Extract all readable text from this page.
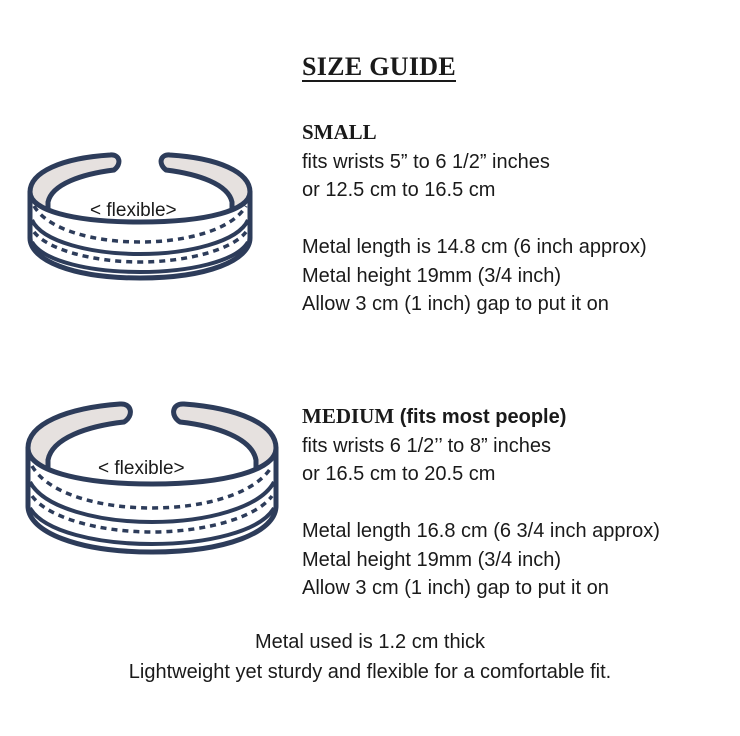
SIZE GUIDE
< flexible>
SMALL
fits wrists 5” to 6 1/2” inches
or 12.5 cm to 16.5 cm
Metal length is 14.8 cm (6 inch approx)
Metal height 19mm (3/4 inch)
Allow 3 cm (1 inch) gap to put it on
< flexible>
MEDIUM (fits most people)
fits wrists 6 1/2’’ to 8” inches
or 16.5 cm to 20.5 cm
Metal length 16.8 cm (6 3/4 inch approx)
Metal height 19mm (3/4 inch)
Allow 3 cm (1 inch) gap to put it on
Metal used is 1.2 cm thick
Lightweight yet sturdy and flexible for a comfortable fit.
